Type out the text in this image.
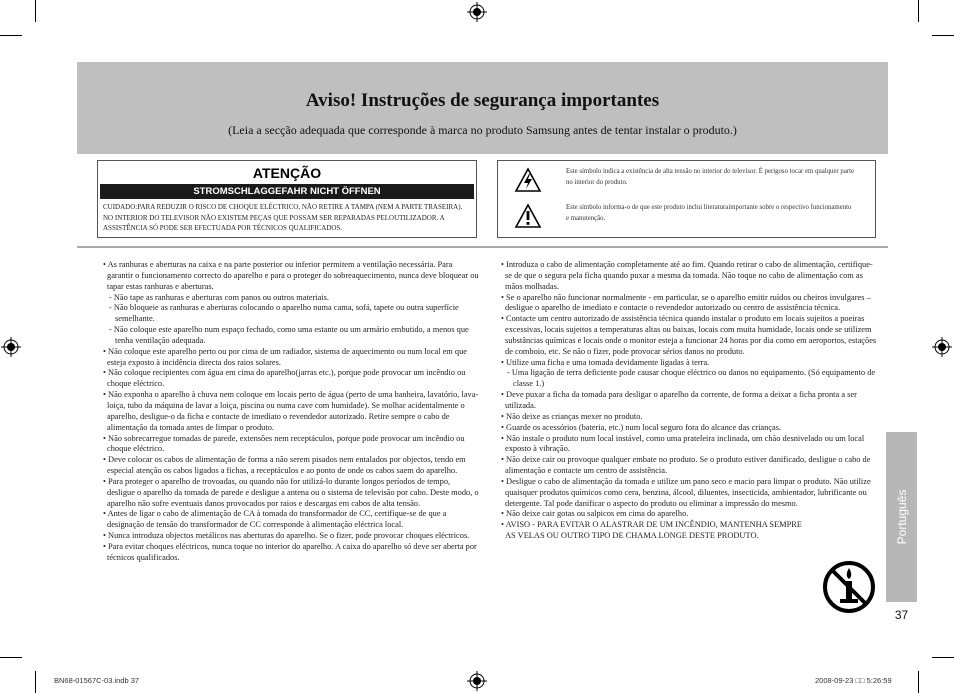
Aviso! Instruções de segurança importantes
(Leia a secção adequada que corresponde à marca no produto Samsung antes de tentar instalar o produto.)
ATENÇÃO
STROMSCHLAGGEFAHR NICHT ÖFFNEN
CUIDADO:PARA REDUZIR O RISCO DE CHOQUE ELÉCTRICO, NÃO RETIRE A TAMPA (NEM A PARTE TRASEIRA). NO INTERIOR DO TELEVISOR NÃO EXISTEM PEÇAS QUE POSSAM SER REPARADAS PELOUTILIZADOR. A ASSISTÊNCIA SÓ PODE SER EFECTUADA POR TÉCNICOS QUALIFICADOS.
Este símbolo indica a existência de alta tensão no interior do televisor. É perigoso tocar em qualquer parte no interior do produto.
Este símbolo informa-o de que este produto inclui literaturaimportante sobre o respectivo funcionamento e manutenção.

• As ranhuras e aberturas na caixa e na parte posterior ou inferior permitem a ventilação necessária. Para garantir o funcionamento correcto do aparelho e para o proteger do sobreaquecimento, nunca deve bloquear ou tapar estas ranhuras e aberturas.

- Não tape as ranhuras e aberturas com panos ou outros materiais.

- Não bloqueie as ranhuras e aberturas colocando o aparelho numa cama, sofá, tapete ou outra superfície semelhante.

- Não coloque este aparelho num espaço fechado, como uma estante ou um armário embutido, a menos que tenha ventilação adequada.

• Não coloque este aparelho perto ou por cima de um radiador, sistema de aquecimento ou num local em que esteja exposto à incidência directa dos raios solares.

• Não coloque recipientes com água em cima do aparelho(jarras etc.), porque pode provocar um incêndio ou choque eléctrico.

• Não exponha o aparelho à chuva nem coloque em locais perto de água (perto de uma banheira, lavatório, lava-loiça, tubo da máquina de lavar a loiça, piscina ou numa cave com humidade). Se molhar acidentalmente o aparelho, desligue-o da ficha e contacte de imediato o revendedor autorizado. Retire sempre o cabo de alimentação da tomada antes de limpar o produto.

• Não sobrecarregue tomadas de parede, extensões nem receptáculos, porque pode provocar um incêndio ou choque eléctrico.

• Deve colocar os cabos de alimentação de forma a não serem pisados nem entalados por objectos, tendo em especial atenção os cabos ligados a fichas, a receptáculos e ao ponto de onde os cabos saem do aparelho.

• Para proteger o aparelho de trovoadas, ou quando não for utilizá-lo durante longos períodos de tempo, desligue o aparelho da tomada de parede e desligue a antena ou o sistema de televisão por cabo. Deste modo, o aparelho não sofre eventuais danos provocados por raios e descargas em cabos de alta tensão.

• Antes de ligar o cabo de alimentação de CA à tomada do transformador de CC, certifique-se de que a designação de tensão do transformador de CC corresponde à alimentação eléctrica local.

• Nunca introduza objectos metálicos nas aberturas do aparelho. Se o fizer, pode provocar choques eléctricos.

• Para evitar choques eléctricos, nunca toque no interior do aparelho. A caixa do aparelho só deve ser aberta por técnicos qualificados.

• Introduza o cabo de alimentação completamente até ao fim. Quando retirar o cabo de alimentação, certifique-se de que o segura pela ficha quando puxar a mesma da tomada. Não toque no cabo de alimentação com as mãos molhadas.

• Se o aparelho não funcionar normalmente - em particular, se o aparelho emitir ruídos ou cheiros invulgares – desligue o aparelho de imediato e contacte o revendedor autorizado ou centro de assistência técnica.

• Contacte um centro autorizado de assistência técnica quando instalar o produto em locais sujeitos a poeiras excessivas, locais sujeitos a temperaturas altas ou baixas, locais com muita humidade, locais onde se utilizem substâncias químicas e locais onde o monitor esteja a funcionar 24 horas por dia como em aeroportos, estações de comboio, etc. Se não o fizer, pode provocar sérios danos no produto.

• Utilize uma ficha e uma tomada devidamente ligadas à terra.

- Uma ligação de terra deficiente pode causar choque eléctrico ou danos no equipamento. (Só equipamento de classe 1.)

• Deve puxar a ficha da tomada para desligar o aparelho da corrente, de forma a deixar a ficha pronta a ser utilizada.

• Não deixe as crianças mexer no produto.

• Guarde os acessórios (bateria, etc.) num local seguro fora do alcance das crianças.

• Não instale o produto num local instável, como uma prateleira inclinada, um chão desnivelado ou um local exposto à vibração.

• Não deixe cair ou provoque qualquer embate no produto. Se o produto estiver danificado, desligue o cabo de alimentação e contacte um centro de assistência.

• Desligue o cabo de alimentação da tomada e utilize um pano seco e macio para limpar o produto. Não utilize quaisquer produtos químicos como cera, benzina, álcool, diluentes, insecticida, ambientador, lubrificante ou detergente. Tal pode danificar o aspecto do produto ou eliminar a impressão do mesmo.

• Não deixe cair gotas ou salpicos em cima do aparelho.

• AVISO - PARA EVITAR O ALASTRAR DE UM INCÊNDIO, MANTENHA SEMPRE AS VELAS OU OUTRO TIPO DE CHAMA LONGE DESTE PRODUTO.	Português
37
BN68-01567C-03.indb 37	2008-09-23 □□ 5:26:59
